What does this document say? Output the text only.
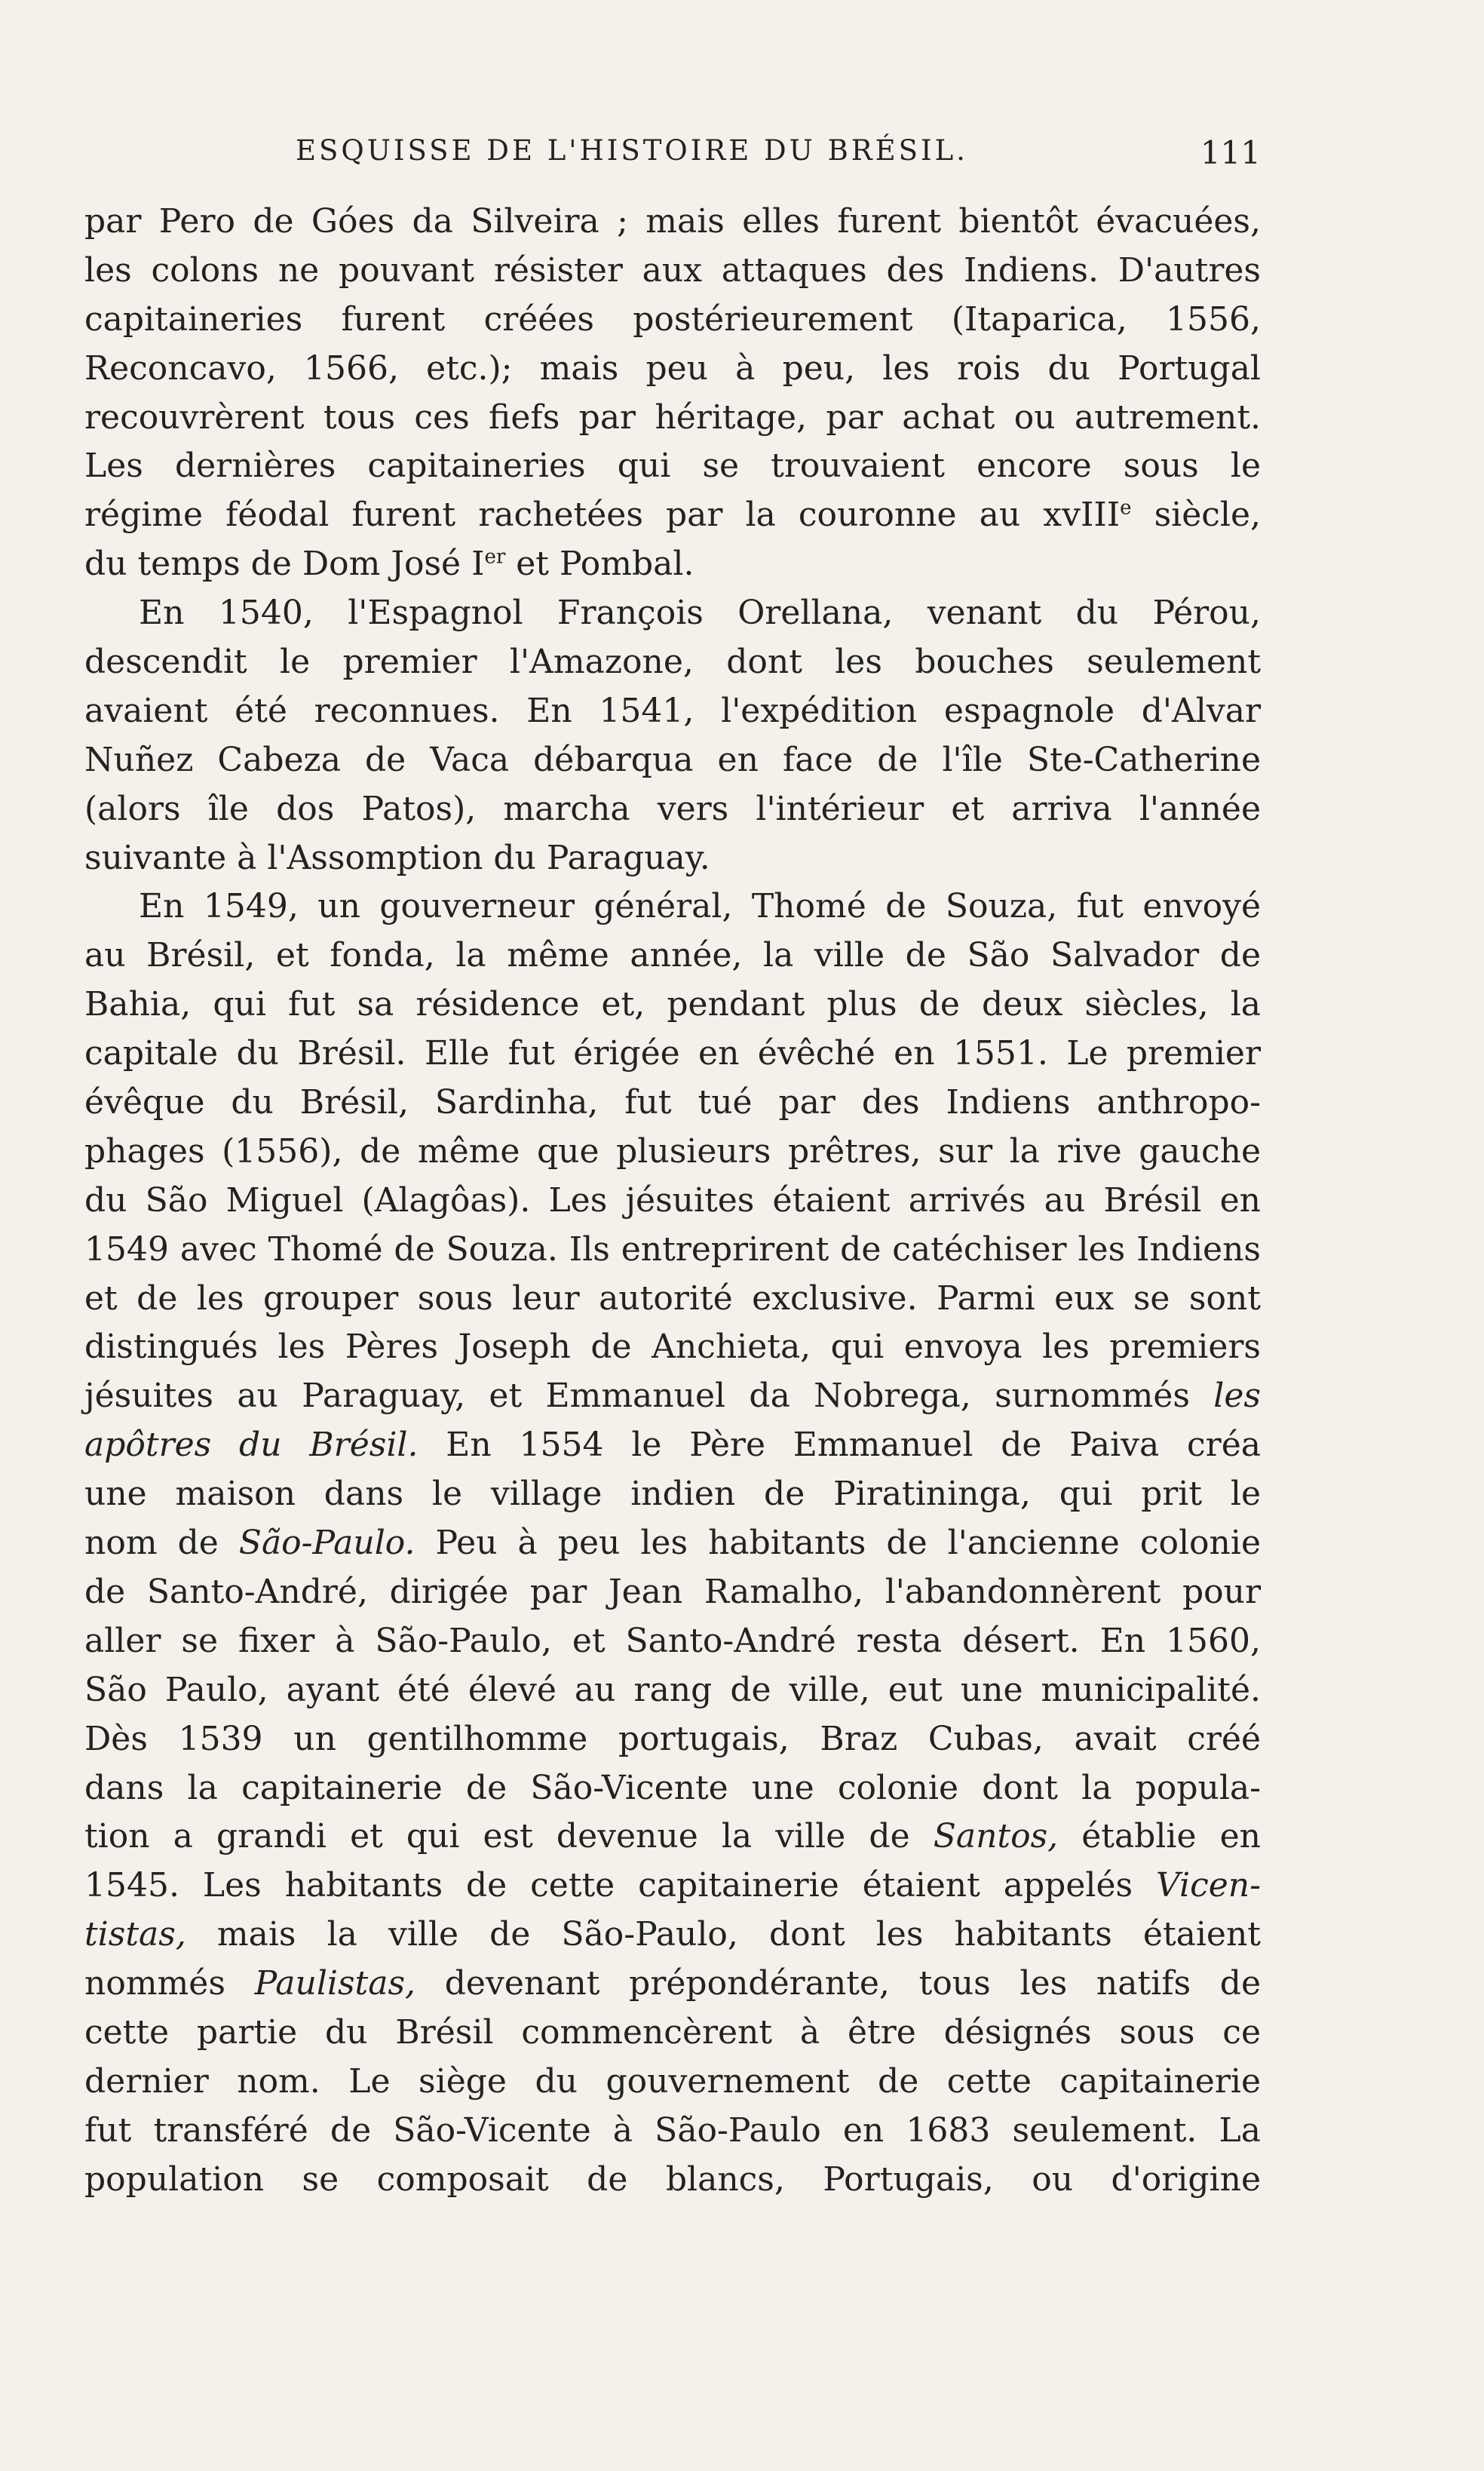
ESQUISSE DE L'HISTOIRE DU BRÉSIL.	111
par Pero de Góes da Silveira ; mais elles furent bientôt évacuées,
les colons ne pouvant résister aux attaques des Indiens. D'autres
capitaineries furent créées postérieurement (Itaparica, 1556,
Reconcavo, 1566, etc.); mais peu à peu, les rois du Portugal
recouvrèrent tous ces fiefs par héritage, par achat ou autrement.
Les dernières capitaineries qui se trouvaient encore sous le
régime féodal furent rachetées par la couronne au xvIII$^e$ siècle,
du temps de Dom José Ier et Pombal.
En 1540, l'Espagnol François Orellana, venant du Pérou,
descendit le premier l'Amazone, dont les bouches seulement
avaient été reconnues. En 1541, l'expédition espagnole d'Alvar
Nuñez Cabeza de Vaca débarqua en face de l'île Ste-Catherine
(alors île dos Patos), marcha vers l'intérieur et arriva l'année
suivante à l'Assomption du Paraguay.
En 1549, un gouverneur général, Thomé de Souza, fut envoyé
au Brésil, et fonda, la même année, la ville de São Salvador de
Bahia, qui fut sa résidence et, pendant plus de deux siècles, la
capitale du Brésil. Elle fut érigée en évêché en 1551. Le premier
évêque du Brésil, Sardinha, fut tué par des Indiens anthropo-
phages (1556), de même que plusieurs prêtres, sur la rive gauche
du São Miguel (Alagôas). Les jésuites étaient arrivés au Brésil en
1549 avec Thomé de Souza. Ils entreprirent de catéchiser les Indiens
et de les grouper sous leur autorité exclusive. Parmi eux se sont
distingués les Pères Joseph de Anchieta, qui envoya les premiers
jésuites au Paraguay, et Emmanuel da Nobrega, surnommés les
apôtres du Brésil. En 1554 le Père Emmanuel de Paiva créa
une maison dans le village indien de Piratininga, qui prit le
nom de São-Paulo. Peu à peu les habitants de l'ancienne colonie
de Santo-André, dirigée par Jean Ramalho, l'abandonnèrent pour
aller se fixer à São-Paulo, et Santo-André resta désert. En 1560,
São Paulo, ayant été élevé au rang de ville, eut une municipalité.
Dès 1539 un gentilhomme portugais, Braz Cubas, avait créé
dans la capitainerie de São-Vicente une colonie dont la popula-
tion a grandi et qui est devenue la ville de Santos, établie en
1545. Les habitants de cette capitainerie étaient appelés Vicen-
tistas, mais la ville de São-Paulo, dont les habitants étaient
nommés Paulistas, devenant prépondérante, tous les natifs de
cette partie du Brésil commencèrent à être désignés sous ce
dernier nom. Le siège du gouvernement de cette capitainerie
fut transféré de São-Vicente à São-Paulo en 1683 seulement. La
population se composait de blancs, Portugais, ou d'origine
